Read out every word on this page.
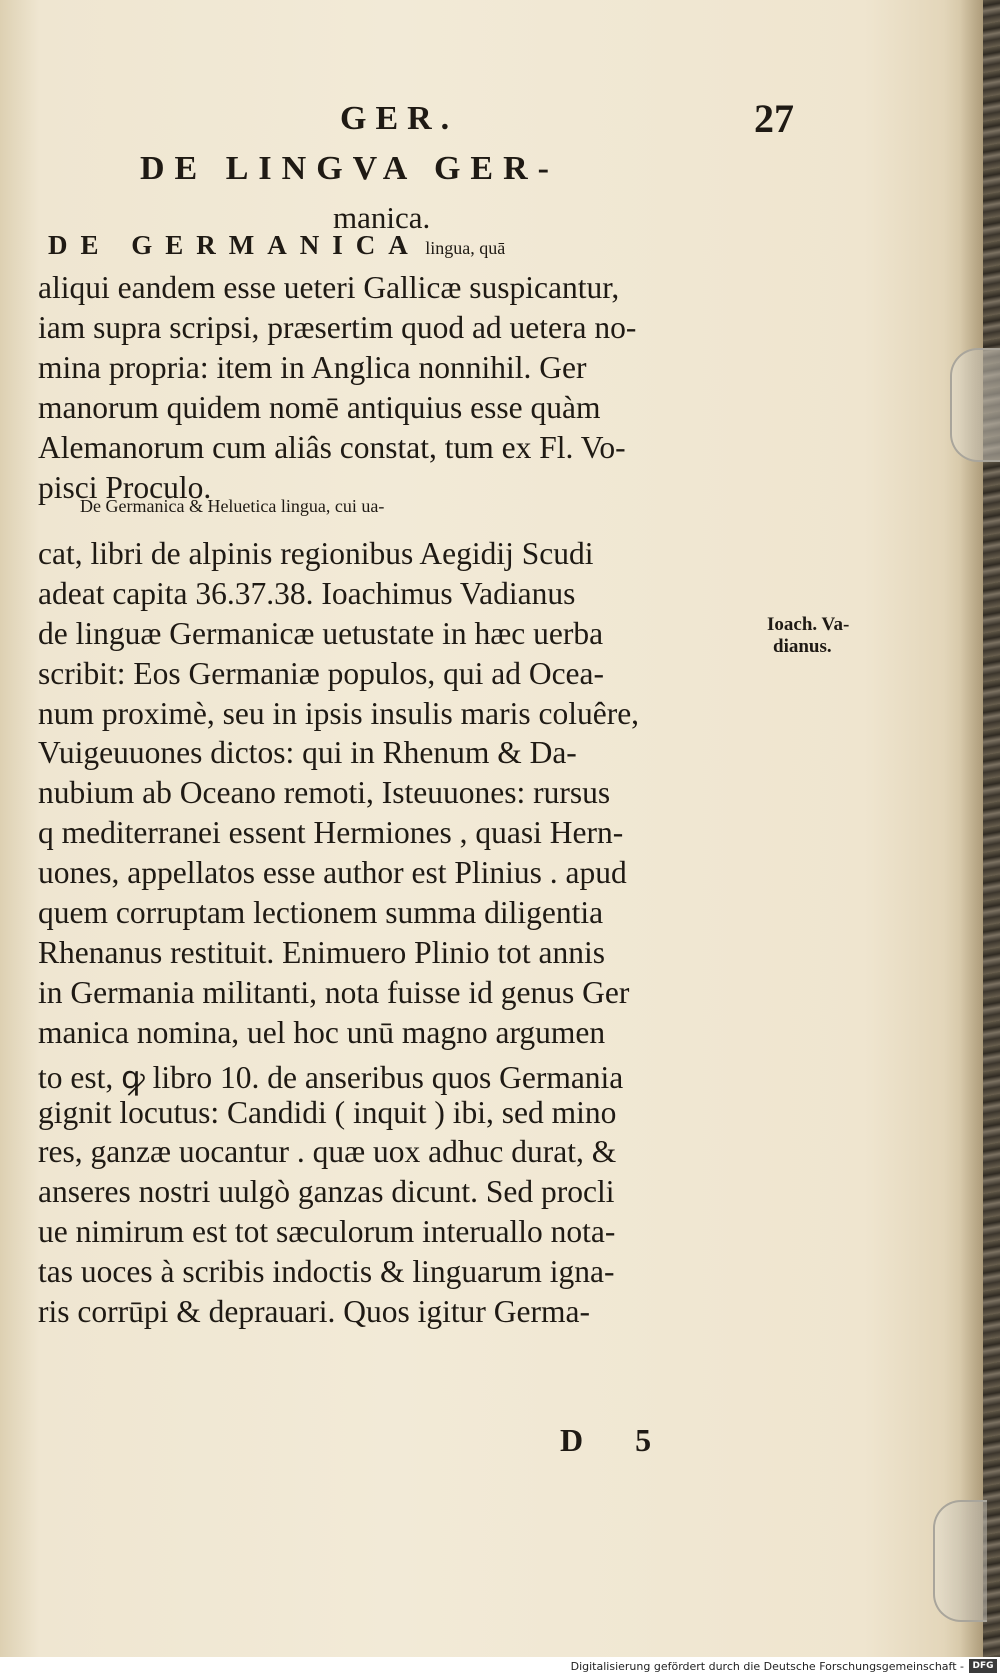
GER.	27
DE LINGVA GER-
manica.
DE GERMANICA lingua, quā
aliqui eandem esse ueteri Gallicæ suspicantur,
iam supra scripsi, præsertim quod ad uetera no-
mina propria: item in Anglica nonnihil. Ger
manorum quidem nomē antiquius esse quàm
Alemanorum cum aliâs constat, tum ex Fl. Vo-
pisci Proculo.
De Germanica & Heluetica lingua, cui ua-
cat, libri de alpinis regionibus Aegidij Scudi
adeat capita 36.37.38. Ioachimus Vadianus
de linguæ Germanicæ uetustate in hæc uerba
scribit: Eos Germaniæ populos, qui ad Ocea-
num proximè, seu in ipsis insulis maris coluêre,
Vuigeuuones dictos: qui in Rhenum & Da-
nubium ab Oceano remoti, Isteuuones: rursus
q mediterranei essent Hermiones , quasi Hern-
uones, appellatos esse author est Plinius . apud
quem corruptam lectionem summa diligentia
Rhenanus restituit. Enimuero Plinio tot annis
in Germania militanti, nota fuisse id genus Ger
manica nomina, uel hoc unū magno argumen
to est, ꝙ libro 10. de anseribus quos Germania
gignit locutus: Candidi ( inquit ) ibi, sed mino
res, ganzæ uocantur . quæ uox adhuc durat, &
anseres nostri uulgò ganzas dicunt. Sed procli
ue nimirum est tot sæculorum interuallo nota-
tas uoces à scribis indoctis & linguarum igna-
ris corrūpi & deprauari. Quos igitur Germa-
Ioach. Va-
dianus.
D 5
Digitalisierung gefördert durch die Deutsche Forschungsgemeinschaft - DFG
